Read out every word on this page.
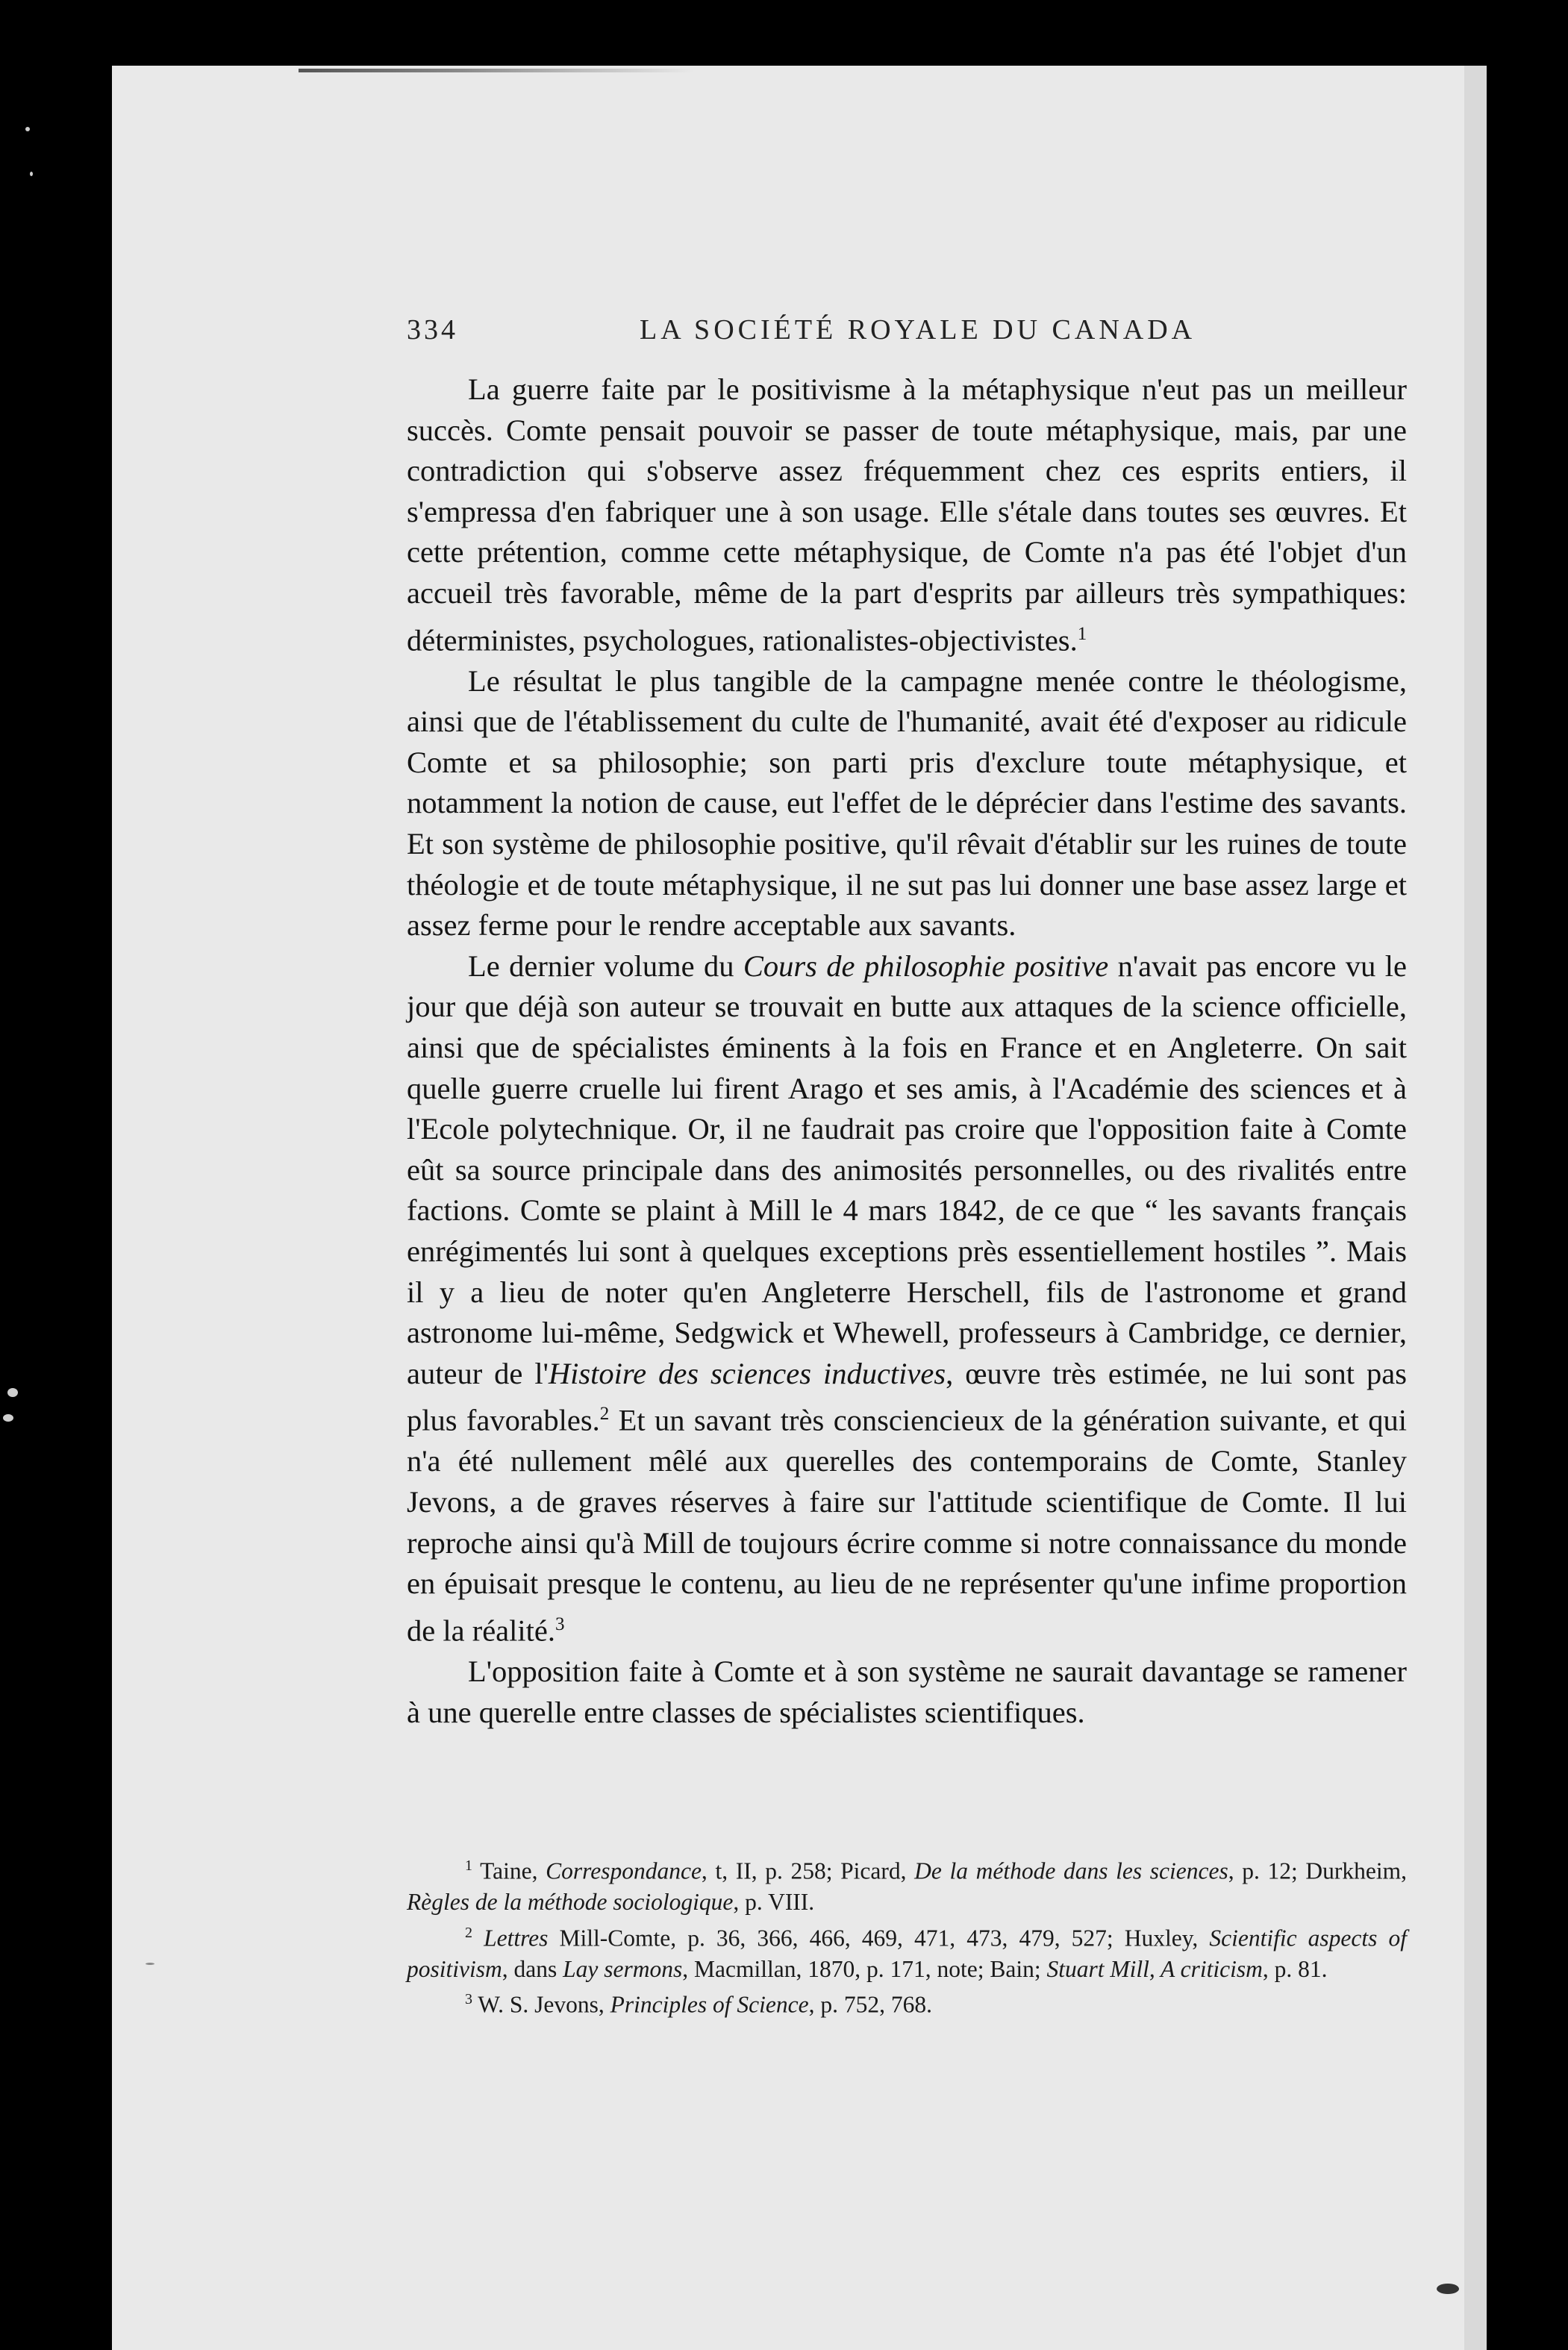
334	LA SOCIÉTÉ ROYALE DU CANADA

La guerre faite par le positivisme à la métaphysique n'eut pas un meilleur succès. Comte pensait pouvoir se passer de toute métaphysique, mais, par une contradiction qui s'observe assez fréquemment chez ces esprits entiers, il s'empressa d'en fabriquer une à son usage. Elle s'étale dans toutes ses œuvres. Et cette prétention, comme cette métaphysique, de Comte n'a pas été l'objet d'un accueil très favorable, même de la part d'esprits par ailleurs très sympathiques: déterministes, psychologues, rationalistes-objectivistes.$^1$

Le résultat le plus tangible de la campagne menée contre le théologisme, ainsi que de l'établissement du culte de l'humanité, avait été d'exposer au ridicule Comte et sa philosophie; son parti pris d'exclure toute métaphysique, et notamment la notion de cause, eut l'effet de le déprécier dans l'estime des savants. Et son système de philosophie positive, qu'il rêvait d'établir sur les ruines de toute théologie et de toute métaphysique, il ne sut pas lui donner une base assez large et assez ferme pour le rendre acceptable aux savants.

Le dernier volume du Cours de philosophie positive n'avait pas encore vu le jour que déjà son auteur se trouvait en butte aux attaques de la science officielle, ainsi que de spécialistes éminents à la fois en France et en Angleterre. On sait quelle guerre cruelle lui firent Arago et ses amis, à l'Académie des sciences et à l'Ecole polytechnique. Or, il ne faudrait pas croire que l'opposition faite à Comte eût sa source principale dans des animosités personnelles, ou des rivalités entre factions. Comte se plaint à Mill le 4 mars 1842, de ce que “ les savants français enrégimentés lui sont à quelques exceptions près essentiellement hostiles ”. Mais il y a lieu de noter qu'en Angleterre Herschell, fils de l'astronome et grand astronome lui-même, Sedgwick et Whewell, professeurs à Cambridge, ce dernier, auteur de l'Histoire des sciences inductives, œuvre très estimée, ne lui sont pas plus favorables.$^2$ Et un savant très consciencieux de la génération suivante, et qui n'a été nullement mêlé aux querelles des contemporains de Comte, Stanley Jevons, a de graves réserves à faire sur l'attitude scientifique de Comte. Il lui reproche ainsi qu'à Mill de toujours écrire comme si notre connaissance du monde en épuisait presque le contenu, au lieu de ne représenter qu'une infime proportion de la réalité.$^3$

L'opposition faite à Comte et à son système ne saurait davantage se ramener à une querelle entre classes de spécialistes scientifiques.

$^1$ Taine, Correspondance, t, II, p. 258; Picard, De la méthode dans les sciences, p. 12; Durkheim, Règles de la méthode sociologique, p. VIII.

$^2$ Lettres Mill-Comte, p. 36, 366, 466, 469, 471, 473, 479, 527; Huxley, Scientific aspects of positivism, dans Lay sermons, Macmillan, 1870, p. 171, note; Bain; Stuart Mill, A criticism, p. 81.

$^3$ W. S. Jevons, Principles of Science, p. 752, 768.
